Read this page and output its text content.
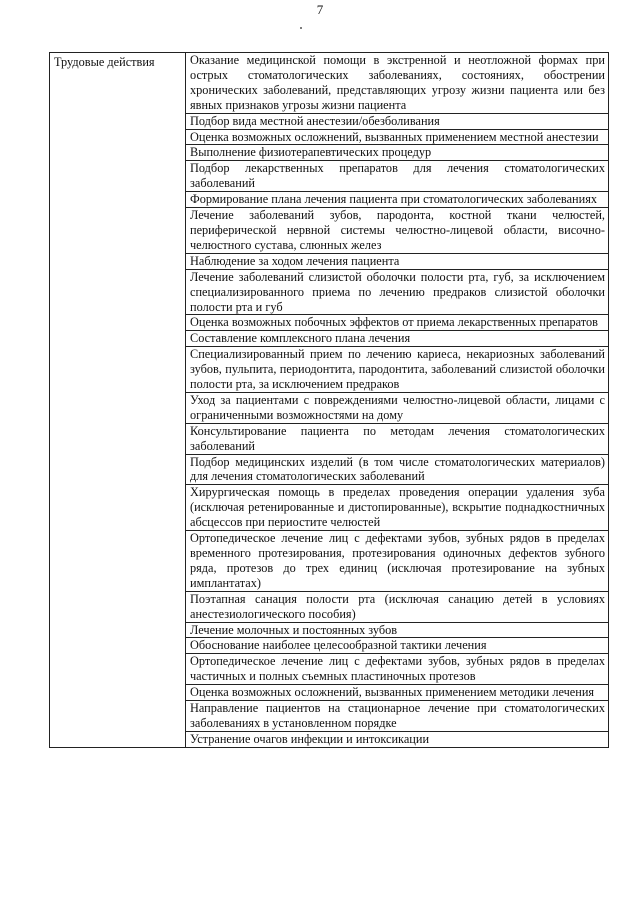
7
Трудовые действия	Оказание медицинской помощи в экстренной и неотложной формах при острых стоматологических заболеваниях, состояниях, обострении хронических заболеваний, представляющих угрозу жизни пациента или без явных признаков угрозы жизни пациента
Подбор вида местной анестезии/обезболивания
Оценка возможных осложнений, вызванных применением местной анестезии
Выполнение физиотерапевтических процедур
Подбор лекарственных препаратов для лечения стоматологических заболеваний
Формирование плана лечения пациента при стоматологических заболеваниях
Лечение заболеваний зубов, пародонта, костной ткани челюстей, периферической нервной системы челюстно-лицевой области, височно-челюстного сустава, слюнных желез
Наблюдение за ходом лечения пациента
Лечение заболеваний слизистой оболочки полости рта, губ, за исключением специализированного приема по лечению предраков слизистой оболочки полости рта и губ
Оценка возможных побочных эффектов от приема лекарственных препаратов
Составление комплексного плана лечения
Специализированный прием по лечению кариеса, некариозных заболеваний зубов, пульпита, периодонтита, пародонтита, заболеваний слизистой оболочки полости рта, за исключением предраков
Уход за пациентами с повреждениями челюстно-лицевой области, лицами с ограниченными возможностями на дому
Консультирование пациента по методам лечения стоматологических заболеваний
Подбор медицинских изделий (в том числе стоматологических материалов) для лечения стоматологических заболеваний
Хирургическая помощь в пределах проведения операции удаления зуба (исключая ретенированные и дистопированные), вскрытие поднадкостничных абсцессов при периостите челюстей
Ортопедическое лечение лиц с дефектами зубов, зубных рядов в пределах временного протезирования, протезирования одиночных дефектов зубного ряда, протезов до трех единиц (исключая протезирование на зубных имплантатах)
Поэтапная санация полости рта (исключая санацию детей в условиях анестезиологического пособия)
Лечение молочных и постоянных зубов
Обоснование наиболее целесообразной тактики лечения
Ортопедическое лечение лиц с дефектами зубов, зубных рядов в пределах частичных и полных съемных пластиночных протезов
Оценка возможных осложнений, вызванных применением методики лечения
Направление пациентов на стационарное лечение при стоматологических заболеваниях в установленном порядке
Устранение очагов инфекции и интоксикации
